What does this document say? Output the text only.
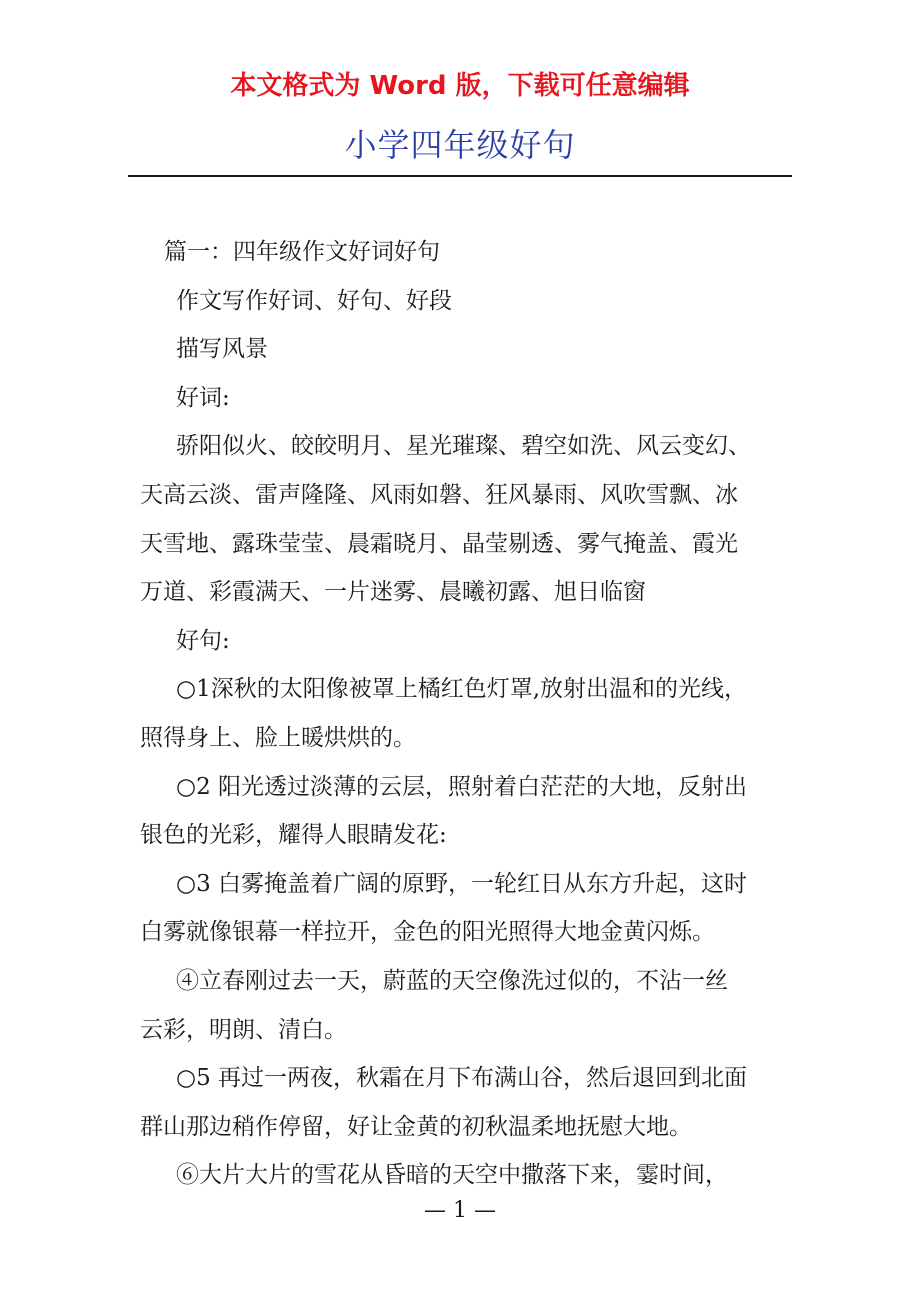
本文格式为 Word 版，下载可任意编辑
小学四年级好句
篇一：四年级作文好词好句
作文写作好词、好句、好段
描写风景
好词:
骄阳似火、皎皎明月、星光璀璨、碧空如洗、风云变幻、
天高云淡、雷声隆隆、风雨如磐、狂风暴雨、风吹雪飘、冰
天雪地、露珠莹莹、晨霜晓月、晶莹剔透、雾气掩盖、霞光
万道、彩霞满天、一片迷雾、晨曦初露、旭日临窗
好句:
○1深秋的太阳像被罩上橘红色灯罩,放射出温和的光线，
照得身上、脸上暖烘烘的。
○2 阳光透过淡薄的云层，照射着白茫茫的大地，反射出
银色的光彩，耀得人眼睛发花:
○3 白雾掩盖着广阔的原野，一轮红日从东方升起，这时
白雾就像银幕一样拉开，金色的阳光照得大地金黄闪烁。
④立春刚过去一天，蔚蓝的天空像洗过似的，不沾一丝
云彩，明朗、清白。
○5 再过一两夜，秋霜在月下布满山谷，然后退回到北面
群山那边稍作停留，好让金黄的初秋温柔地抚慰大地。
⑥大片大片的雪花从昏暗的天空中撒落下来，霎时间，
— 1 —
